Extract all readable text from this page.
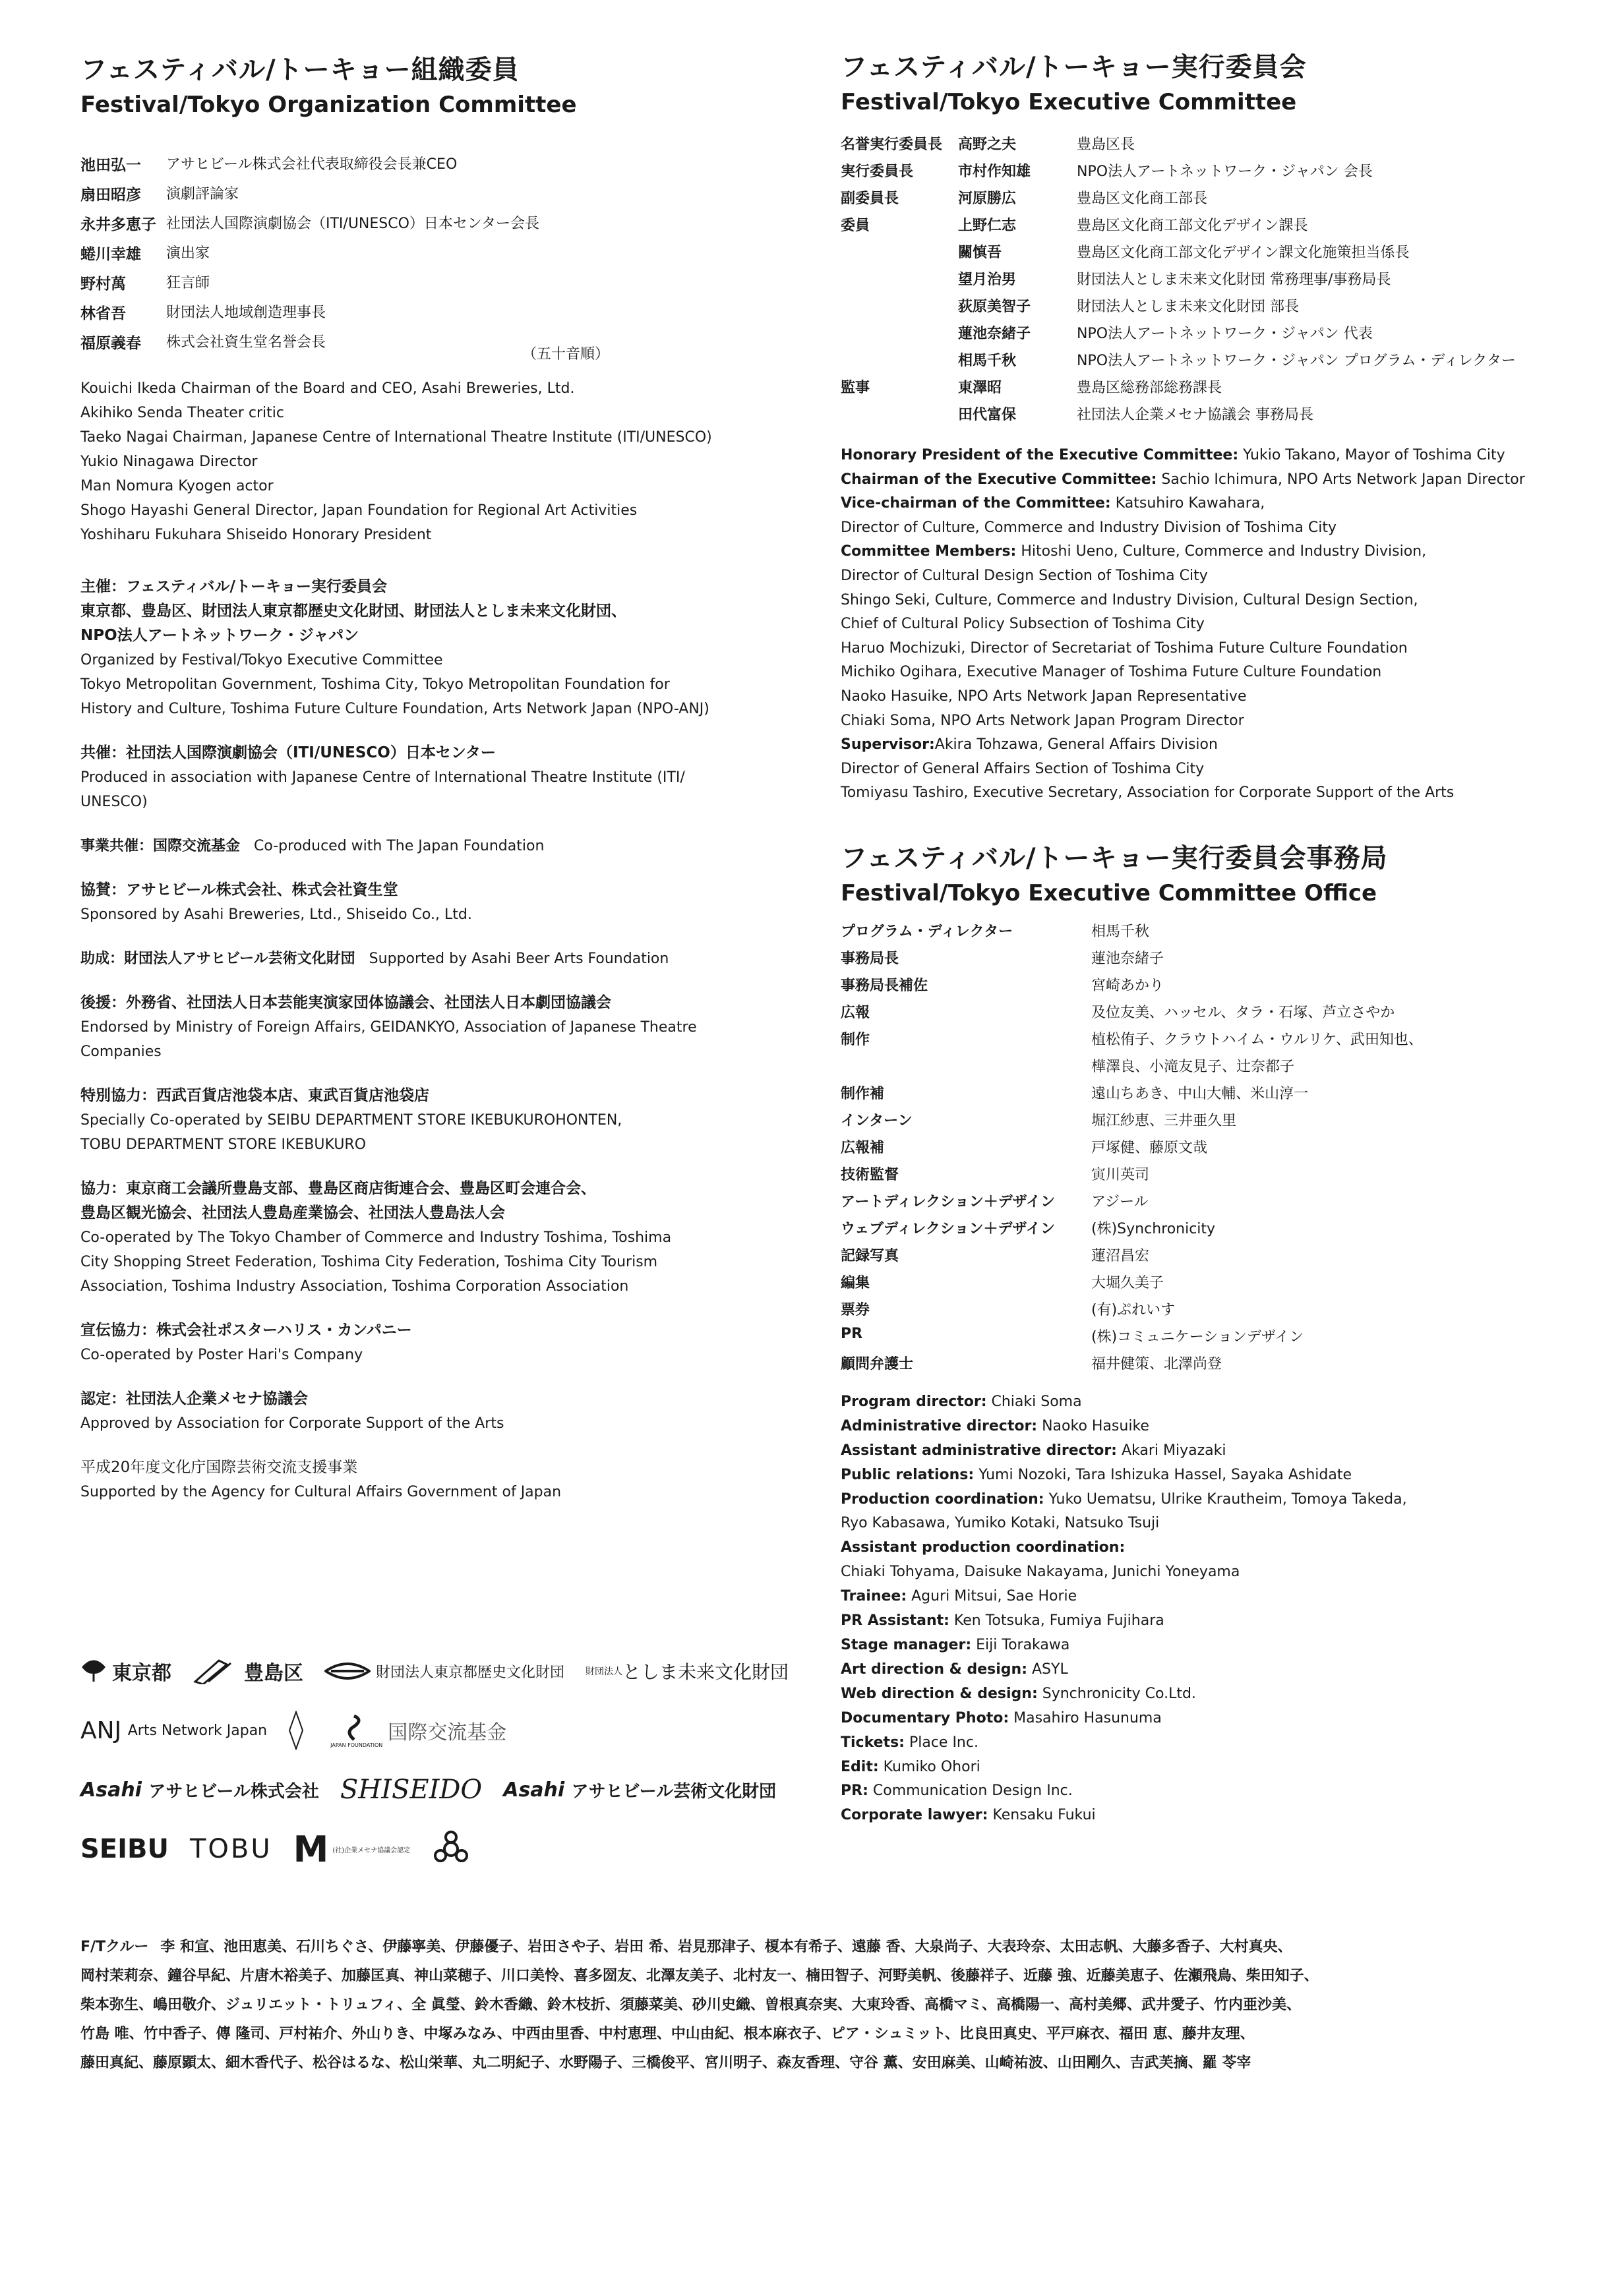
フェスティバル/トーキョー組織委員

Festival/Tokyo Organization Committee

池田弘一	アサヒビール株式会社代表取締役会長兼CEO
扇田昭彦	演劇評論家
永井多恵子	社団法人国際演劇協会（ITI/UNESCO）日本センター会長
蜷川幸雄	演出家
野村萬	狂言師
林省吾	財団法人地域創造理事長
福原義春	株式会社資生堂名誉会長
（五十音順）
Kouichi Ikeda Chairman of the Board and CEO, Asahi Breweries, Ltd.
Akihiko Senda Theater critic
Taeko Nagai Chairman, Japanese Centre of International Theatre Institute (ITI/UNESCO)
Yukio Ninagawa Director
Man Nomura Kyogen actor
Shogo Hayashi General Director, Japan Foundation for Regional Art Activities
Yoshiharu Fukuhara Shiseido Honorary President
主催：フェスティバル/トーキョー実行委員会
東京都、豊島区、財団法人東京都歴史文化財団、財団法人としま未来文化財団、
NPO法人アートネットワーク・ジャパン
Organized by Festival/Tokyo Executive Committee
Tokyo Metropolitan Government, Toshima City, Tokyo Metropolitan Foundation for
History and Culture, Toshima Future Culture Foundation, Arts Network Japan (NPO-ANJ)
共催：社団法人国際演劇協会（ITI/UNESCO）日本センター
Produced in association with Japanese Centre of International Theatre Institute (ITI/
UNESCO)
事業共催：国際交流基金 Co-produced with The Japan Foundation
協賛：アサヒビール株式会社、株式会社資生堂
Sponsored by Asahi Breweries, Ltd., Shiseido Co., Ltd.
助成：財団法人アサヒビール芸術文化財団 Supported by Asahi Beer Arts Foundation
後援：外務省、社団法人日本芸能実演家団体協議会、社団法人日本劇団協議会
Endorsed by Ministry of Foreign Affairs, GEIDANKYO, Association of Japanese Theatre
Companies
特別協力：西武百貨店池袋本店、東武百貨店池袋店
Specially Co-operated by SEIBU DEPARTMENT STORE IKEBUKUROHONTEN,
TOBU DEPARTMENT STORE IKEBUKURO
協力：東京商工会議所豊島支部、豊島区商店街連合会、豊島区町会連合会、
豊島区観光協会、社団法人豊島産業協会、社団法人豊島法人会
Co-operated by The Tokyo Chamber of Commerce and Industry Toshima, Toshima
City Shopping Street Federation, Toshima City Federation, Toshima City Tourism
Association, Toshima Industry Association, Toshima Corporation Association
宣伝協力：株式会社ポスターハリス・カンパニー
Co-operated by Poster Hari's Company
認定：社団法人企業メセナ協議会
Approved by Association for Corporate Support of the Arts
平成20年度文化庁国際芸術交流支援事業
Supported by the Agency for Cultural Affairs Government of Japan
東京都	豊島区	財団法人東京都歴史文化財団 財団法人 としま未来文化財団
ANJ
Arts Network Japan
JAPAN FOUNDATION
国際交流基金
Asahi
アサヒビール株式会社 SHISEIDO Asahi
アサヒビール芸術文化財団
SEIBU TOBU M (社)企業メセナ協議会認定

フェスティバル/トーキョー実行委員会

Festival/Tokyo Executive Committee

名誉実行委員長	高野之夫	豊島区長
実行委員長	市村作知雄	NPO法人アートネットワーク・ジャパン 会長
副委員長	河原勝広	豊島区文化商工部長
委員	上野仁志	豊島区文化商工部文化デザイン課長
	關慎吾	豊島区文化商工部文化デザイン課文化施策担当係長
	望月治男	財団法人としま未来文化財団 常務理事/事務局長
	荻原美智子	財団法人としま未来文化財団 部長
	蓮池奈緒子	NPO法人アートネットワーク・ジャパン 代表
	相馬千秋	NPO法人アートネットワーク・ジャパン プログラム・ディレクター
監事	東澤昭	豊島区総務部総務課長
	田代富保	社団法人企業メセナ協議会 事務局長
Honorary President of the Executive Committee: Yukio Takano, Mayor of Toshima City
Chairman of the Executive Committee: Sachio Ichimura, NPO Arts Network Japan Director
Vice-chairman of the Committee: Katsuhiro Kawahara,
Director of Culture, Commerce and Industry Division of Toshima City
Committee Members: Hitoshi Ueno, Culture, Commerce and Industry Division,
Director of Cultural Design Section of Toshima City
Shingo Seki, Culture, Commerce and Industry Division, Cultural Design Section,
Chief of Cultural Policy Subsection of Toshima City
Haruo Mochizuki, Director of Secretariat of Toshima Future Culture Foundation
Michiko Ogihara, Executive Manager of Toshima Future Culture Foundation
Naoko Hasuike, NPO Arts Network Japan Representative
Chiaki Soma, NPO Arts Network Japan Program Director
Supervisor:Akira Tohzawa, General Affairs Division
Director of General Affairs Section of Toshima City
Tomiyasu Tashiro, Executive Secretary, Association for Corporate Support of the Arts

フェスティバル/トーキョー実行委員会事務局

Festival/Tokyo Executive Committee Office

プログラム・ディレクター	相馬千秋
事務局長	蓮池奈緒子
事務局長補佐	宮崎あかり
広報	及位友美、ハッセル、タラ・石塚、芦立さやか
制作	植松侑子、クラウトハイム・ウルリケ、武田知也、
	樺澤良、小滝友見子、辻奈都子
制作補	遠山ちあき、中山大輔、米山淳一
インターン	堀江紗恵、三井亜久里
広報補	戸塚健、藤原文哉
技術監督	寅川英司
アートディレクション＋デザイン	アジール
ウェブディレクション＋デザイン	(株)Synchronicity
記録写真	蓮沼昌宏
編集	大堀久美子
票券	(有)ぷれいす
PR	(株)コミュニケーションデザイン
顧問弁護士	福井健策、北澤尚登
Program director: Chiaki Soma
Administrative director: Naoko Hasuike
Assistant administrative director: Akari Miyazaki
Public relations: Yumi Nozoki, Tara Ishizuka Hassel, Sayaka Ashidate
Production coordination: Yuko Uematsu, Ulrike Krautheim, Tomoya Takeda,
Ryo Kabasawa, Yumiko Kotaki, Natsuko Tsuji
Assistant production coordination:
Chiaki Tohyama, Daisuke Nakayama, Junichi Yoneyama
Trainee: Aguri Mitsui, Sae Horie
PR Assistant: Ken Totsuka, Fumiya Fujihara
Stage manager: Eiji Torakawa
Art direction & design: ASYL
Web direction & design: Synchronicity Co.Ltd.
Documentary Photo: Masahiro Hasunuma
Tickets: Place Inc.
Edit: Kumiko Ohori
PR: Communication Design Inc.
Corporate lawyer: Kensaku Fukui

F/Tクルー 李 和宣、池田恵美、石川ちぐさ、伊藤寧美、伊藤優子、岩田さや子、岩田 希、岩見那津子、榎本有希子、遠藤 香、大泉尚子、大表玲奈、太田志帆、大藤多香子、大村真央、

岡村茉莉奈、鐘谷早紀、片唐木裕美子、加藤匡真、神山菜穂子、川口美怜、喜多圀友、北澤友美子、北村友一、楠田智子、河野美帆、後藤祥子、近藤 強、近藤美恵子、佐瀬飛鳥、柴田知子、

柴本弥生、嶋田敬介、ジュリエット・トリュフィ、全 眞瑩、鈴木香織、鈴木枝折、須藤菜美、砂川史織、曽根真奈実、大東玲香、高橋マミ、高橋陽一、高村美郷、武井愛子、竹内亜沙美、

竹島 唯、竹中香子、傳 隆司、戸村祐介、外山りき、中塚みなみ、中西由里香、中村恵理、中山由紀、根本麻衣子、ピア・シュミット、比良田真史、平戸麻衣、福田 恵、藤井友理、

藤田真紀、藤原顕太、細木香代子、松谷はるな、松山栄華、丸二明紀子、水野陽子、三橋俊平、宮川明子、森友香理、守谷 薫、安田麻美、山崎祐波、山田剛久、吉武芙摘、羅 苓宰
